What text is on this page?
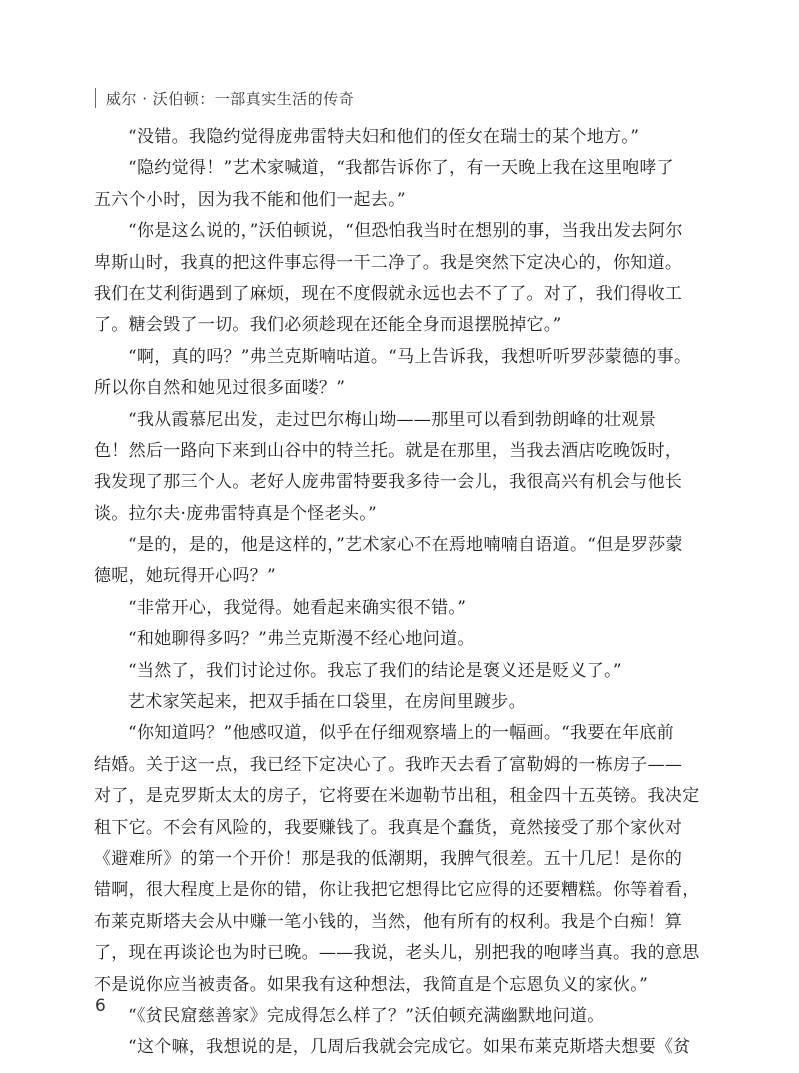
威尔 · 沃伯顿：一部真实生活的传奇
“没错。我隐约觉得庞弗雷特夫妇和他们的侄女在瑞士的某个地方。”
“隐约觉得！”艺术家喊道，“我都告诉你了，有一天晚上我在这里咆哮了
五六个小时，因为我不能和他们一起去。”
“你是这么说的，”沃伯顿说，“但恐怕我当时在想别的事，当我出发去阿尔
卑斯山时，我真的把这件事忘得一干二净了。我是突然下定决心的，你知道。
我们在艾利街遇到了麻烦，现在不度假就永远也去不了了。对了，我们得收工
了。糖会毁了一切。我们必须趁现在还能全身而退摆脱掉它。”
“啊，真的吗？”弗兰克斯喃咕道。“马上告诉我，我想听听罗莎蒙德的事。
所以你自然和她见过很多面喽？”
“我从霞慕尼出发，走过巴尔梅山坳——那里可以看到勃朗峰的壮观景
色！然后一路向下来到山谷中的特兰托。就是在那里，当我去酒店吃晚饭时，
我发现了那三个人。老好人庞弗雷特要我多待一会儿，我很高兴有机会与他长
谈。拉尔夫·庞弗雷特真是个怪老头。”
“是的，是的，他是这样的，”艺术家心不在焉地喃喃自语道。“但是罗莎蒙
德呢，她玩得开心吗？”
“非常开心，我觉得。她看起来确实很不错。”
“和她聊得多吗？”弗兰克斯漫不经心地问道。
“当然了，我们讨论过你。我忘了我们的结论是褒义还是贬义了。”
艺术家笑起来，把双手插在口袋里，在房间里踱步。
“你知道吗？”他感叹道，似乎在仔细观察墙上的一幅画。“我要在年底前
结婚。关于这一点，我已经下定决心了。我昨天去看了富勒姆的一栋房子——
对了，是克罗斯太太的房子，它将要在米迦勒节出租，租金四十五英镑。我决定
租下它。不会有风险的，我要赚钱了。我真是个蠢货，竟然接受了那个家伙对
《避难所》的第一个开价！那是我的低潮期，我脾气很差。五十几尼！是你的
错啊，很大程度上是你的错，你让我把它想得比它应得的还要糟糕。你等着看，
布莱克斯塔夫会从中赚一笔小钱的，当然，他有所有的权利。我是个白痴！算
了，现在再谈论也为时已晚。——我说，老头儿，别把我的咆哮当真。我的意思
不是说你应当被责备。如果我有这种想法，我简直是个忘恩负义的家伙。”
“《贫民窟慈善家》完成得怎么样了？”沃伯顿充满幽默地问道。
“这个嘛，我想说的是，几周后我就会完成它。如果布莱克斯塔夫想要《贫
6
